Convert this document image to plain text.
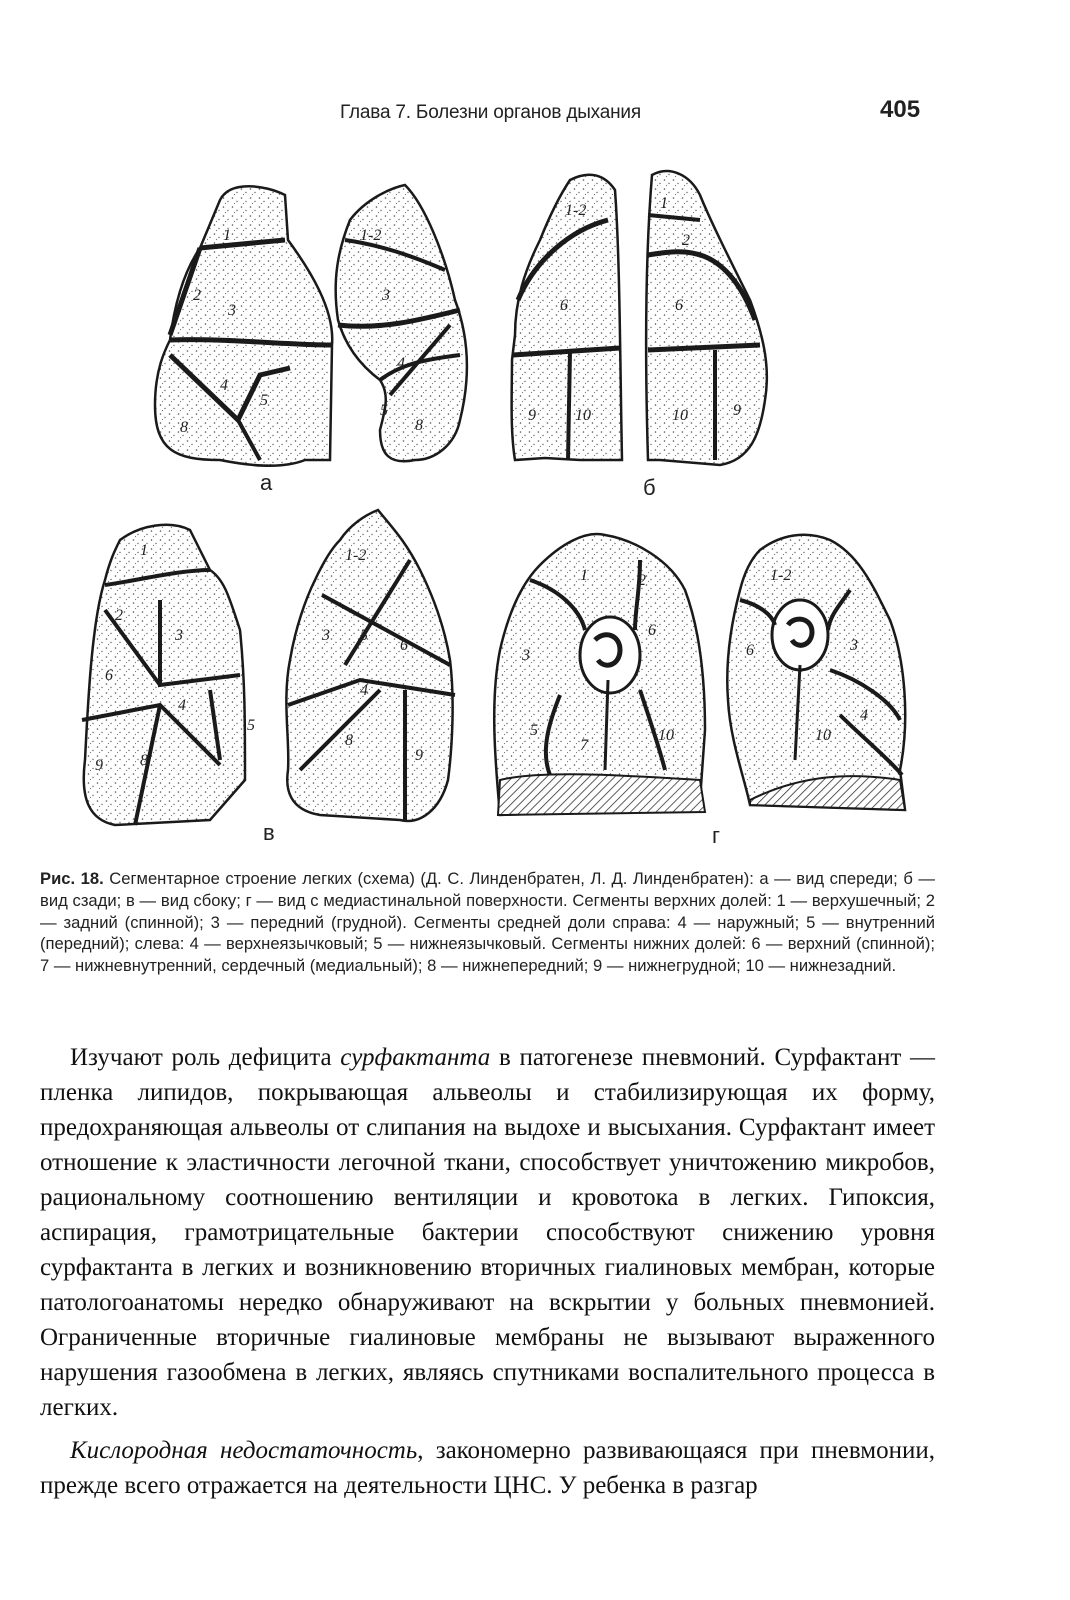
Глава 7. Болезни органов дыхания	405
1
2
3
4
5
8
1-2
3
4
5
8
1-2
6
9 10
1
2
6
10	9
1
2
3
6
4
5
9 8
1-2
3 5
6
4
8
9
1	2
3
6
5
7
10
1-2
6	3
4
10
а	б
в	г
Рис. 18. Сегментарное строение легких (схема) (Д. С. Линденбратен, Л. Д. Линденбратен): а — вид спереди; б — вид сзади; в — вид сбоку; г — вид с медиастинальной поверхности. Сегменты верхних долей: 1 — верхушечный; 2 — задний (спинной); 3 — передний (грудной). Сегменты средней доли справа: 4 — наружный; 5 — внутренний (передний); слева: 4 — верхнеязычковый; 5 — нижнеязычковый. Сегменты нижних долей: 6 — верхний (спинной); 7 — нижневнутренний, сердечный (медиальный); 8 — нижнепередний; 9 — нижнегрудной; 10 — нижнезадний.

Изучают роль дефицита сурфактанта в патогенезе пневмоний. Сурфактант — пленка липидов, покрывающая альвеолы и стабилизирующая их форму, предохраняющая альвеолы от слипания на выдохе и высыхания. Сурфактант имеет отношение к эластичности легочной ткани, способствует уничтожению микробов, рациональному соотношению вентиляции и кровотока в легких. Гипоксия, аспирация, грамотрицательные бактерии способствуют снижению уровня сурфактанта в легких и возникновению вторичных гиалиновых мембран, которые патологоанатомы нередко обнаруживают на вскрытии у больных пневмонией. Ограниченные вторичные гиалиновые мембраны не вызывают выраженного нарушения газообмена в легких, являясь спутниками воспалительного процесса в легких.

Кислородная недостаточность, закономерно развивающаяся при пневмонии, прежде всего отражается на деятельности ЦНС. У ребенка в разгар
